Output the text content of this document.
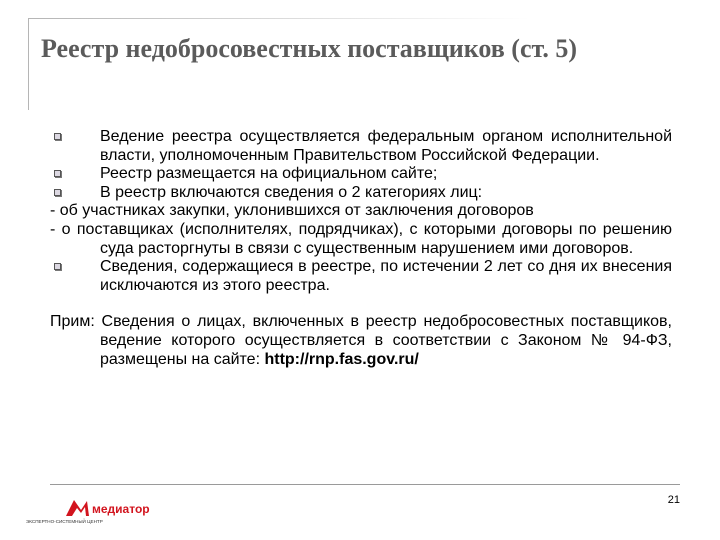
Реестр недобросовестных поставщиков (ст. 5)
Ведение реестра осуществляется федеральным органом исполнительной власти, уполномоченным Правительством Российской Федерации.
Реестр размещается на официальном сайте;
В реестр включаются сведения о 2 категориях лиц:
- об участниках закупки, уклонившихся от заключения договоров
- о поставщиках (исполнителях, подрядчиках), с которыми договоры по решению суда расторгнуты в связи с существенным нарушением ими договоров.
Сведения, содержащиеся в реестре, по истечении 2 лет со дня их внесения исключаются из этого реестра.
Прим: Сведения о лицах, включенных в реестр недобросовестных поставщиков, ведение которого осуществляется в соответствии с Законом № 94-ФЗ, размещены на сайте: http://rnp.fas.gov.ru/
21
медиатор
ЭКСПЕРТНО-СИСТЕМНЫЙ ЦЕНТР
